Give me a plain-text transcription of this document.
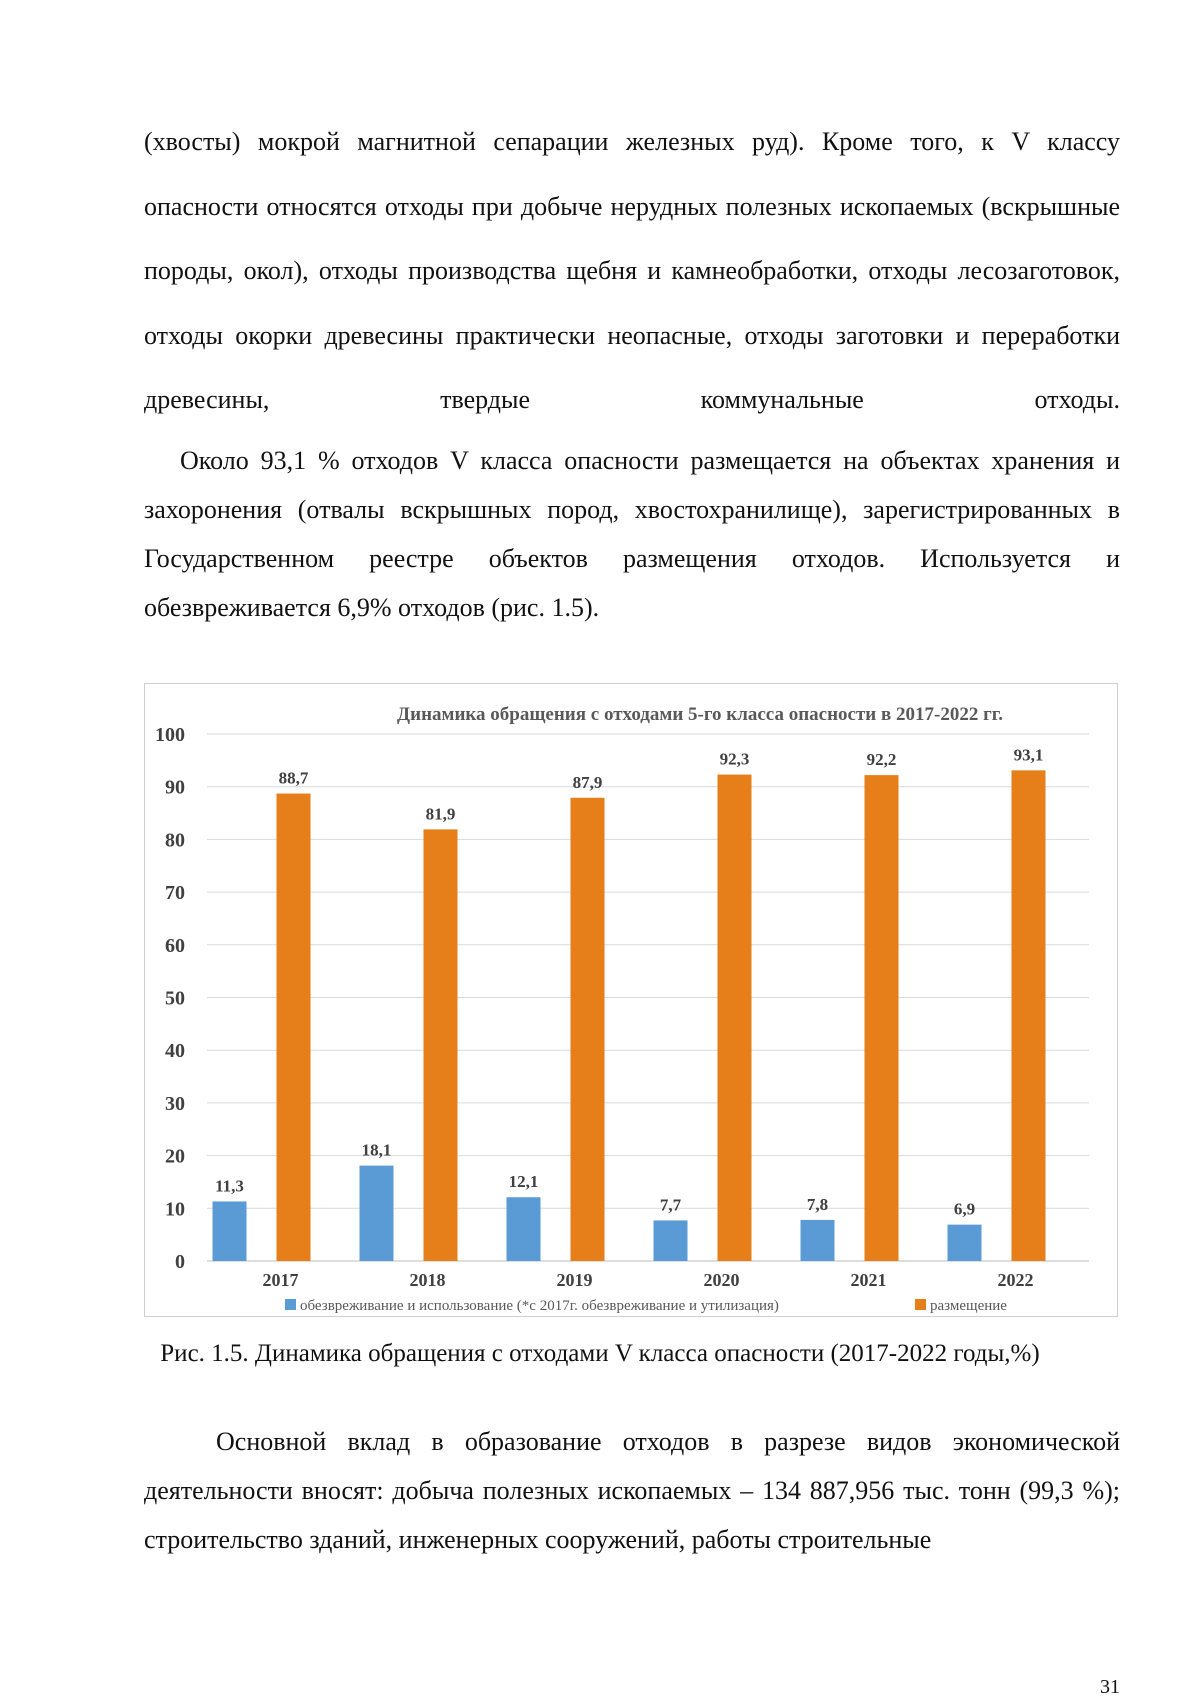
(хвосты) мокрой магнитной сепарации железных руд). Кроме того, к V классу опасности относятся отходы при добыче нерудных полезных ископаемых (вскрышные породы, окол), отходы производства щебня и камнеобработки, отходы лесозаготовок, отходы окорки древесины практически неопасные, отходы заготовки и переработки древесины, твердые коммунальные отходы.

Около 93,1 % отходов V класса опасности размещается на объектах хранения и захоронения (отвалы вскрышных пород, хвостохранилище), зарегистрированных в Государственном реестре объектов размещения отходов. Используется и обезвреживается 6,9% отходов (рис. 1.5).

Динамика обращения с отходами 5-го класса опасности в 2017-2022 гг.
0
10
20
30
40
50
60
70
80
90
100
11,3
88,7
2017
18,1
81,9
2018
12,1
87,9
2019
7,7
92,3
2020
7,8
92,2
2021
6,9
93,1
2022
обезвреживание и использование (*с 2017г. обезвреживание и утилизация)	размещение

Рис. 1.5. Динамика обращения с отходами V класса опасности (2017-2022 годы,%)

Основной вклад в образование отходов в разрезе видов экономической деятельности вносят: добыча полезных ископаемых – 134 887,956 тыс. тонн (99,3 %); строительство зданий, инженерных сооружений, работы строительные

31
